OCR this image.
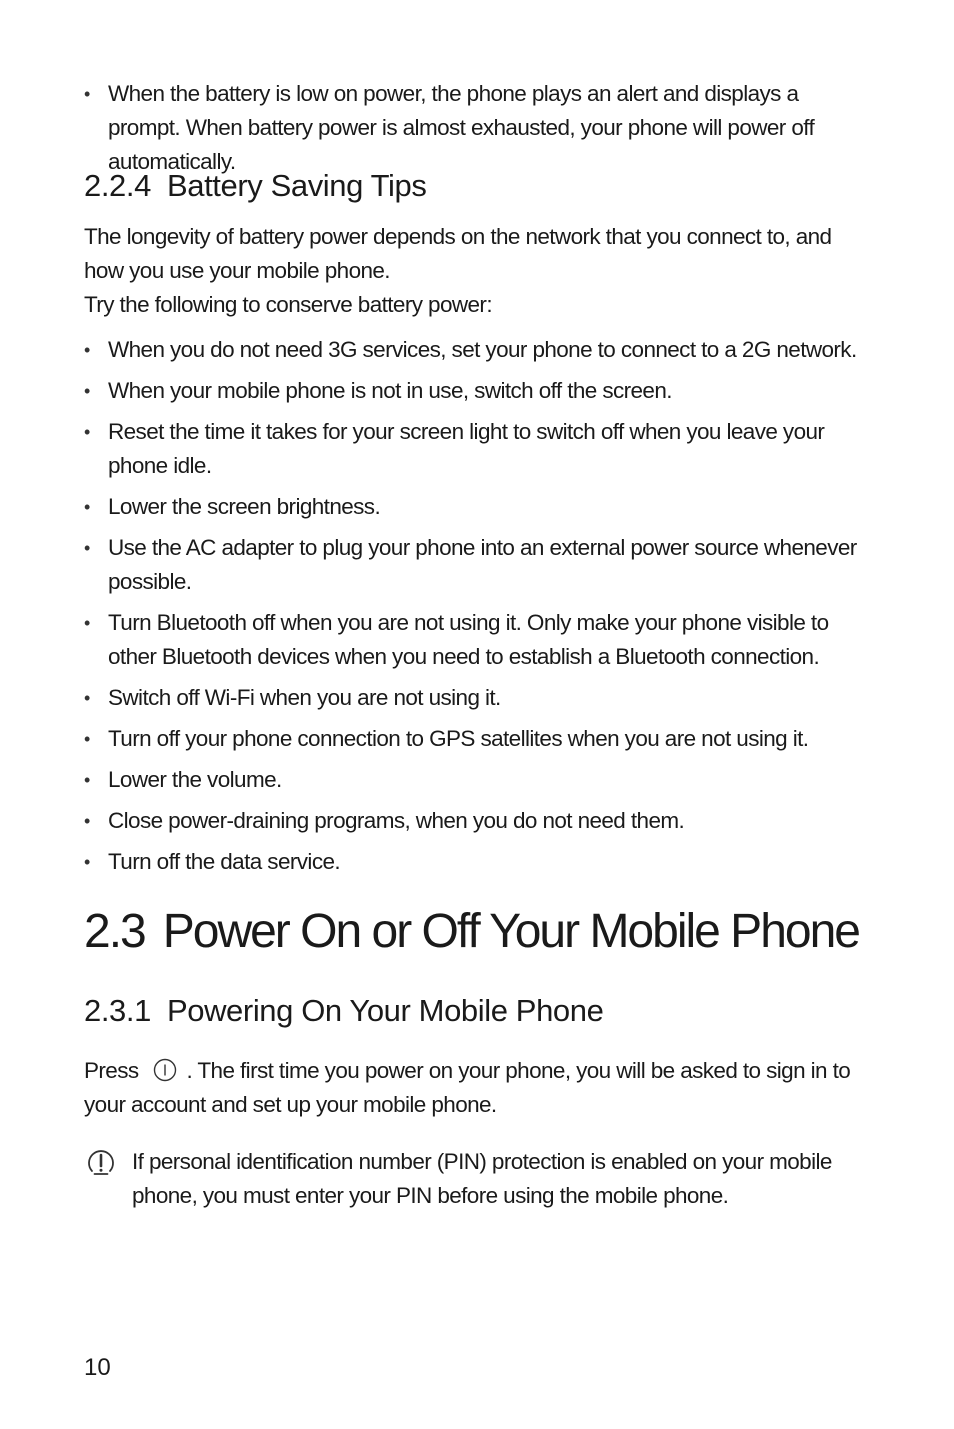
• When the battery is low on power, the phone plays an alert and displays a prompt. When battery power is almost exhausted, your phone will power off automatically.
2.2.4 Battery Saving Tips

The longevity of battery power depends on the network that you connect to, and how you use your mobile phone.

Try the following to conserve battery power:

• When you do not need 3G services, set your phone to connect to a 2G network.
• When your mobile phone is not in use, switch off the screen.
• Reset the time it takes for your screen light to switch off when you leave your phone idle.
• Lower the screen brightness.
• Use the AC adapter to plug your phone into an external power source whenever possible.
• Turn Bluetooth off when you are not using it. Only make your phone visible to other Bluetooth devices when you need to establish a Bluetooth connection.
• Switch off Wi-Fi when you are not using it.
• Turn off your phone connection to GPS satellites when you are not using it.
• Lower the volume.
• Close power-draining programs, when you do not need them.
• Turn off the data service.
2.3 Power On or Off Your Mobile Phone
2.3.1 Powering On Your Mobile Phone

Press . The first time you power on your phone, you will be asked to sign in to your account and set up your mobile phone.

If personal identification number (PIN) protection is enabled on your mobile phone, you must enter your PIN before using the mobile phone.
10
